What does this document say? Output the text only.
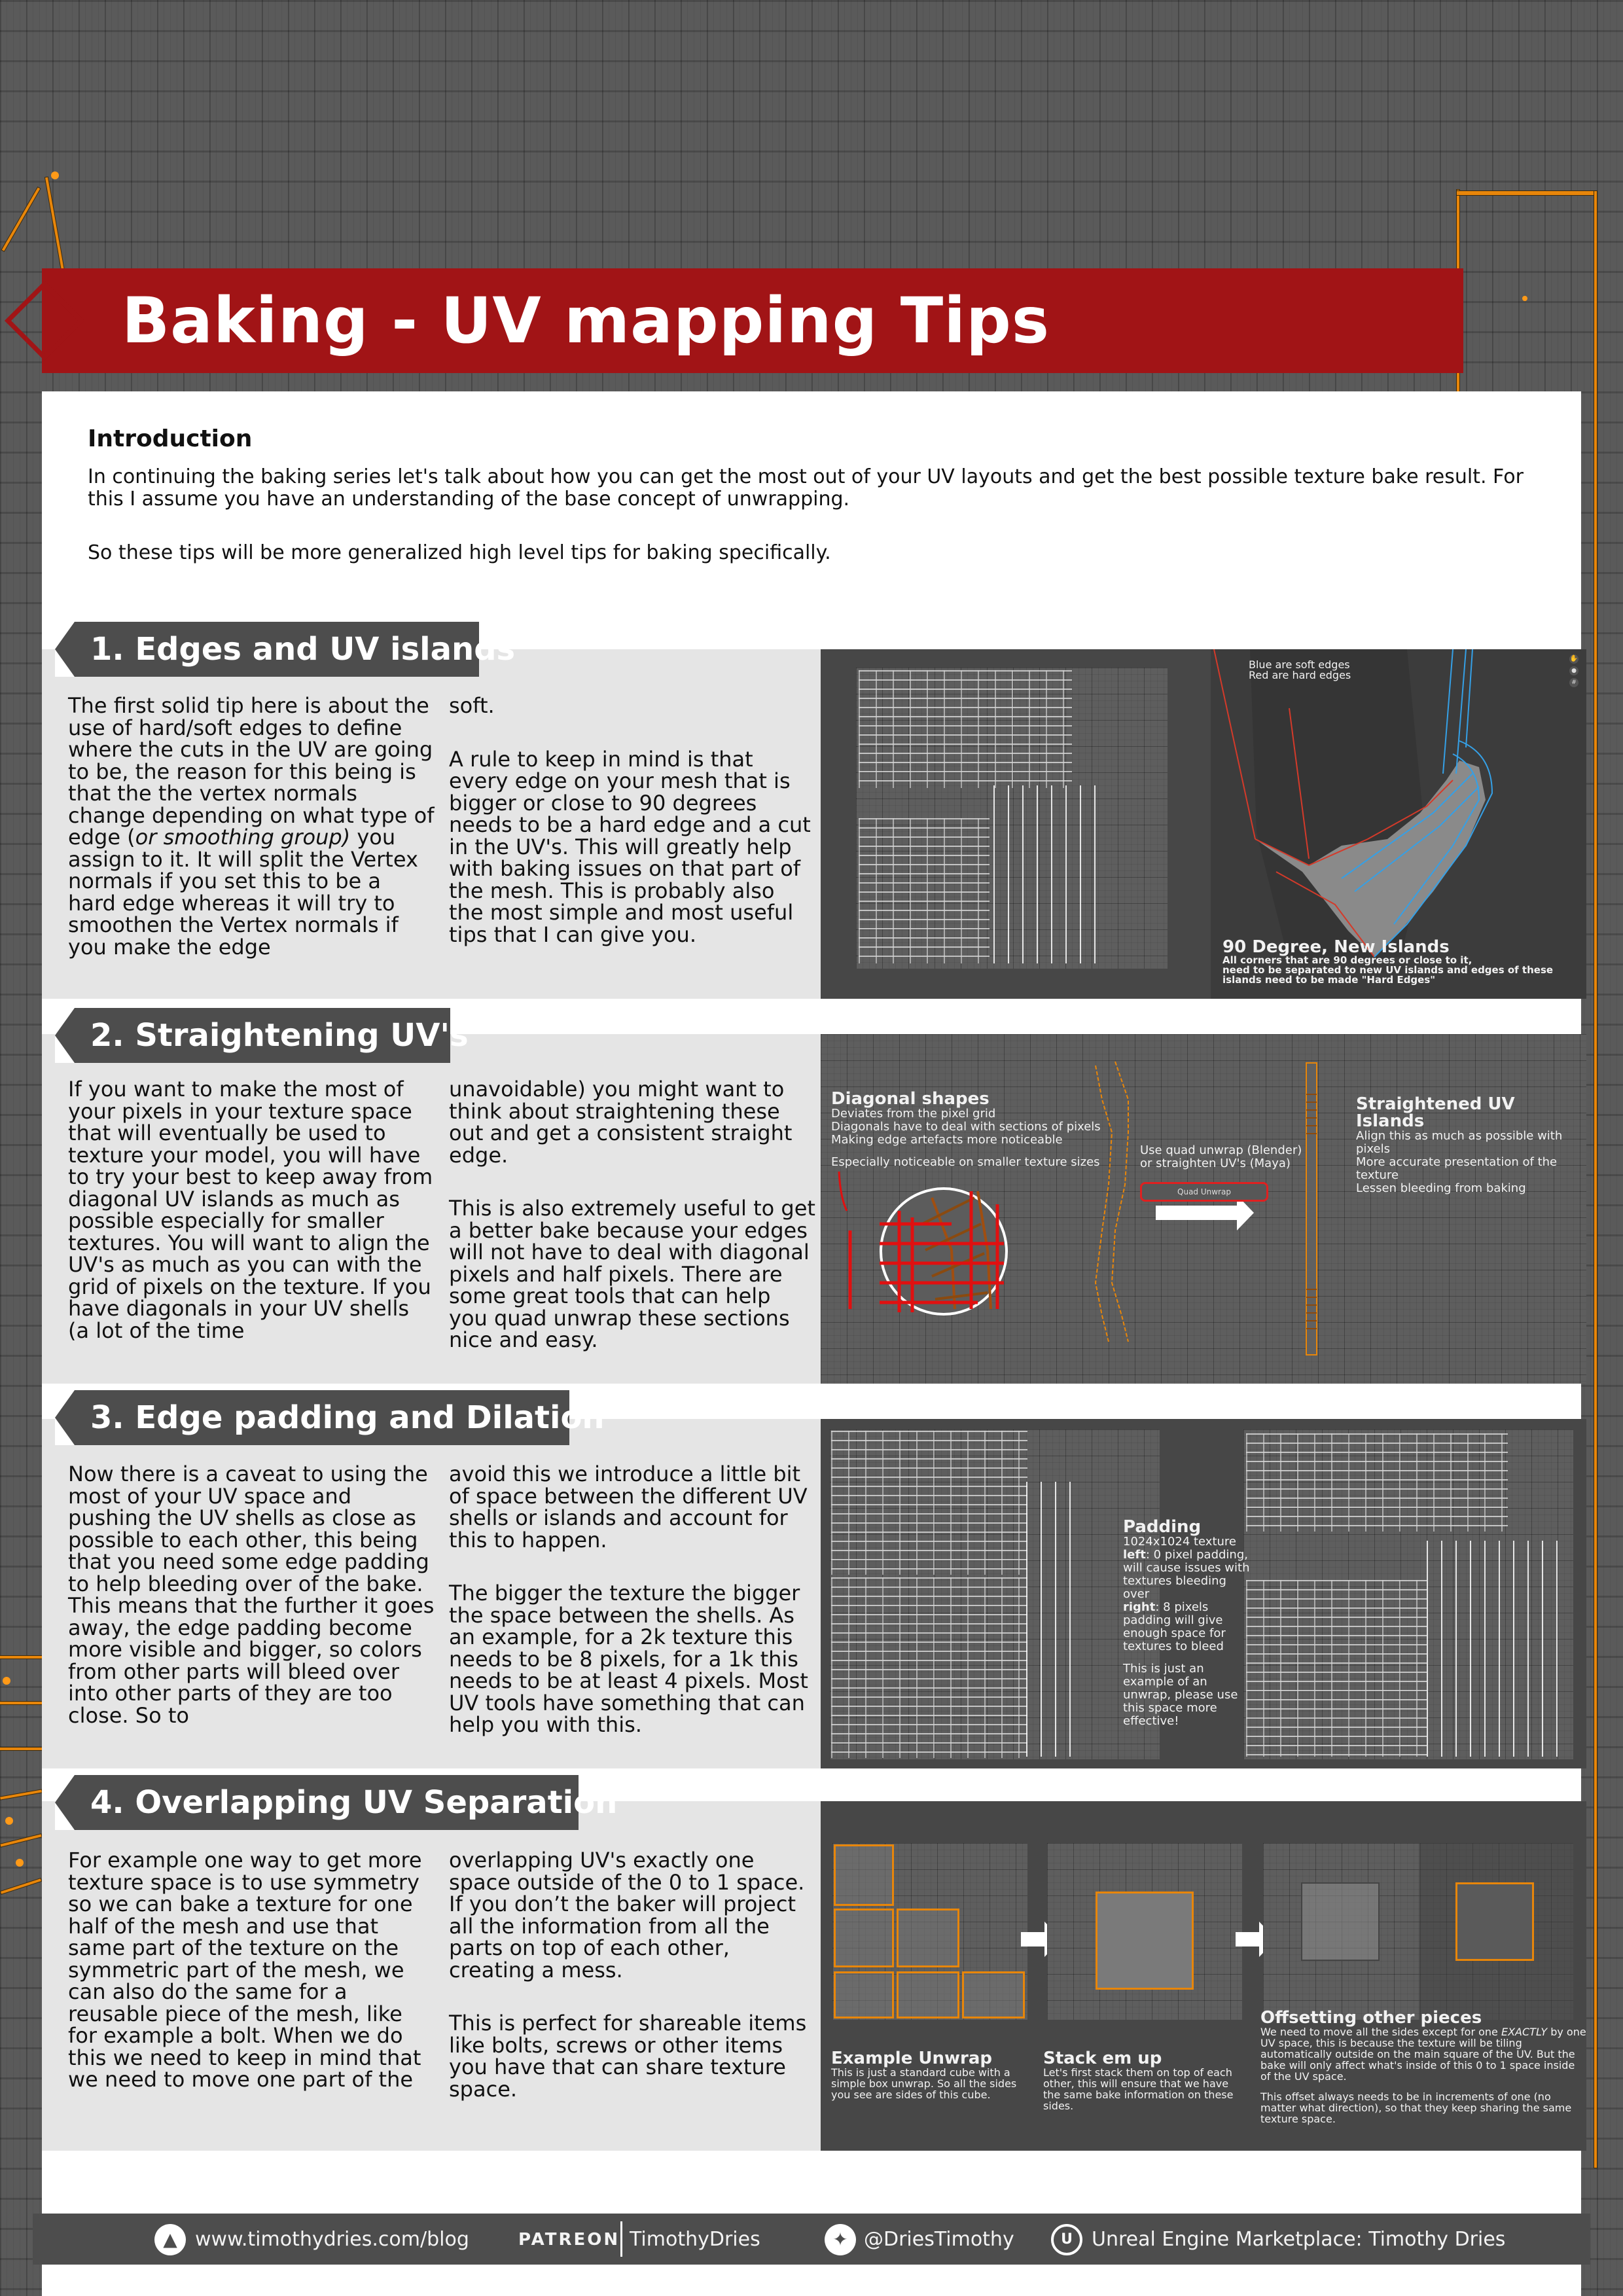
Baking - UV mapping Tips
Introduction
In continuing the baking series let's talk about how you can get the most out of your UV layouts and get the best possible texture bake result. For this I assume you have an understanding of the base concept of unwrapping.
So these tips will be more generalized high level tips for baking specifically.
Blue are soft edges
Red are hard edges
90 Degree, New Islands
All corners that are 90 degrees or close to it,
need to be separated to new UV islands and edges of these
islands need to be made "Hard Edges"
✋
●
#
1. Edges and UV islands
The first solid tip here is about the use of hard/soft edges to define where the cuts in the UV are going to be, the reason for this being is that the the vertex normals change depending on what type of edge (or smoothing group) you assign to it. It will split the Vertex normals if you set this to be a hard edge whereas it will try to smoothen the Vertex normals if you make the edge

soft.

A rule to keep in mind is that every edge on your mesh that is bigger or close to 90 degrees needs to be a hard edge and a cut in the UV's. This will greatly help with baking issues on that part of the mesh. This is probably also the most simple and most useful tips that I can give you.

Diagonal shapes
Deviates from the pixel grid
Diagonals have to deal with sections of pixels
Making edge artefacts more noticeable
Especially noticeable on smaller texture sizes
Use quad unwrap (Blender)
or straighten UV's (Maya)
Straightened UV Islands
Align this as much as possible with pixels
More accurate presentation of the texture
Lessen bleeding from baking
Quad Unwrap
2. Straightening UV's
If you want to make the most of your pixels in your texture space that will eventually be used to texture your model, you will have to try your best to keep away from diagonal UV islands as much as possible especially for smaller textures. You will want to align the UV's as much as you can with the grid of pixels on the texture. If you have diagonals in your UV shells (a lot of the time

unavoidable) you might want to think about straightening these out and get a consistent straight edge.

This is also extremely useful to get a better bake because your edges will not have to deal with diagonal pixels and half pixels. There are some great tools that can help you quad unwrap these sections nice and easy.

Padding
1024x1024 texture
left: 0 pixel padding, will cause issues with textures bleeding over
right: 8 pixels padding will give enough space for textures to bleed
This is just an example of an unwrap, please use this space more effective!
3. Edge padding and Dilation
Now there is a caveat to using the most of your UV space and pushing the UV shells as close as possible to each other, this being that you need some edge padding to help bleeding over of the bake. This means that the further it goes away, the edge padding become more visible and bigger, so colors from other parts will bleed over into other parts of they are too close. So to

avoid this we introduce a little bit of space between the different UV shells or islands and account for this to happen.

The bigger the texture the bigger the space between the shells. As an example, for a 2k texture this needs to be 8 pixels, for a 1k this needs to be at least 4 pixels. Most UV tools have something that can help you with this.

Example Unwrap
This is just a standard cube with a simple box unwrap. So all the sides you see are sides of this cube.
Stack em up
Let's first stack them on top of each other, this will ensure that we have the same bake information on these sides.
Offsetting other pieces
We need to move all the sides except for one EXACTLY by one UV space, this is because the texture will be tiling automatically outside on the main square of the UV. But the bake will only affect what's inside of this 0 to 1 space inside of the UV space.
This offset always needs to be in increments of one (no matter what direction), so that they keep sharing the same texture space.
4. Overlapping UV Separation
For example one way to get more texture space is to use symmetry so we can bake a texture for one half of the mesh and use that same part of the texture on the symmetric part of the mesh, we can also do the same for a reusable piece of the mesh, like for example a bolt. When we do this we need to keep in mind that we need to move one part of the

overlapping UV's exactly one space outside of the 0 to 1 space. If you don’t the baker will project all the information from all the parts on top of each other, creating a mess.

This is perfect for shareable items like bolts, screws or other items you have that can share texture space.

▲ www.timothydries.com/blog	PATREON TimothyDries	✦ @DriesTimothy	U Unreal Engine Marketplace: Timothy Dries
